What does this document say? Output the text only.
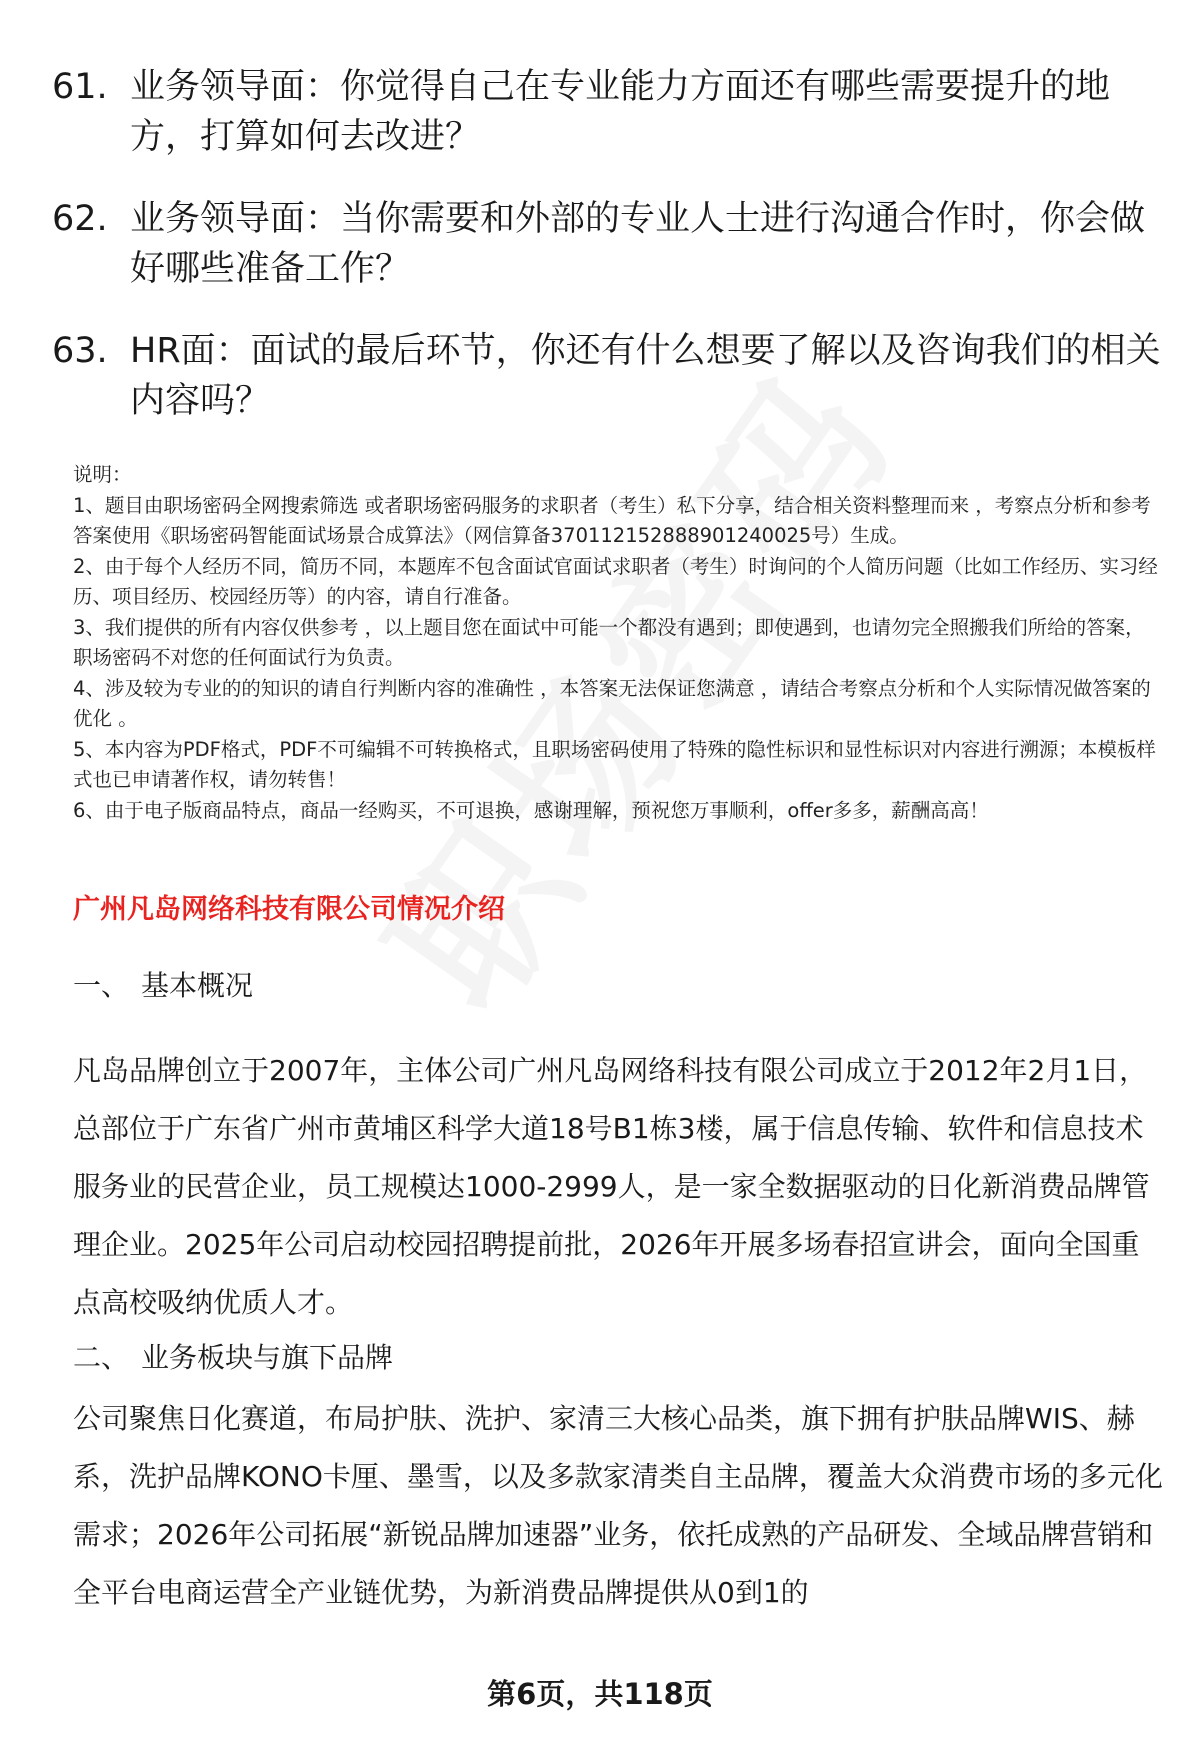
61. 业务领导面：你觉得自己在专业能力方面还有哪些需要提升的地方，打算如何去改进？
62. 业务领导面：当你需要和外部的专业人士进行沟通合作时，你会做好哪些准备工作？
63. HR面：面试的最后环节，你还有什么想要了解以及咨询我们的相关内容吗？

说明：

1、题目由职场密码全网搜索筛选 或者职场密码服务的求职者（考生）私下分享，结合相关资料整理而来 ，考察点分析和参考答案使用《职场密码智能面试场景合成算法》（网信算备370112152888901240025号）生成。

2、由于每个人经历不同，简历不同，本题库不包含面试官面试求职者（考生）时询问的个人简历问题（比如工作经历、实习经历、项目经历、校园经历等）的内容，请自行准备。

3、我们提供的所有内容仅供参考 ，以上题目您在面试中可能一个都没有遇到；即使遇到，也请勿完全照搬我们所给的答案，职场密码不对您的任何面试行为负责。

4、涉及较为专业的的知识的请自行判断内容的准确性 ，本答案无法保证您满意 ，请结合考察点分析和个人实际情况做答案的优化 。

5、本内容为PDF格式，PDF不可编辑不可转换格式，且职场密码使用了特殊的隐性标识和显性标识对内容进行溯源；本模板样式也已申请著作权，请勿转售！

6、由于电子版商品特点，商品一经购买，不可退换，感谢理解，预祝您万事顺利，offer多多，薪酬高高！

广州凡岛网络科技有限公司情况介绍

一、 基本概况

凡岛品牌创立于2007年，主体公司广州凡岛网络科技有限公司成立于2012年2月1日，总部位于广东省广州市黄埔区科学大道18号B1栋3楼，属于信息传输、软件和信息技术服务业的民营企业，员工规模达1000-2999人，是一家全数据驱动的日化新消费品牌管理企业。2025年公司启动校园招聘提前批，2026年开展多场春招宣讲会，面向全国重点高校吸纳优质人才。

二、 业务板块与旗下品牌

公司聚焦日化赛道，布局护肤、洗护、家清三大核心品类，旗下拥有护肤品牌WIS、赫系，洗护品牌KONO卡厘、墨雪，以及多款家清类自主品牌，覆盖大众消费市场的多元化需求；2026年公司拓展“新锐品牌加速器”业务，依托成熟的产品研发、全域品牌营销和全平台电商运营全产业链优势，为新消费品牌提供从0到1的

第6页，共118页
